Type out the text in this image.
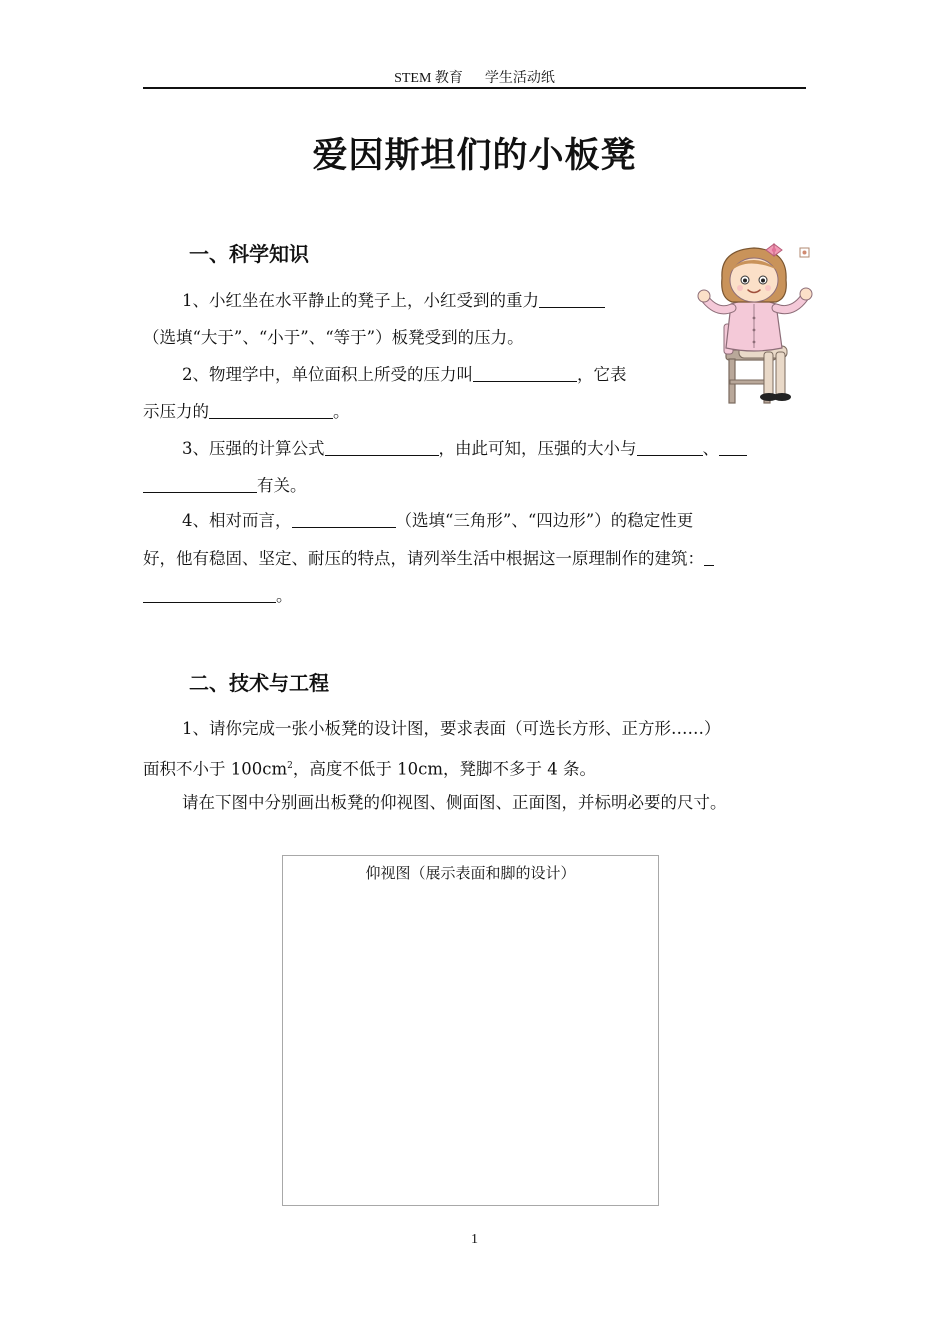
STEM 教育 学生活动纸
爱因斯坦们的小板凳
一、科学知识
1、小红坐在水平静止的凳子上，小红受到的重力
（选填“大于”、“小于”、“等于”）板凳受到的压力。
2、物理学中，单位面积上所受的压力叫	，它表
示压力的	。
3、压强的计算公式	，由此可知，压强的大小与	、
有关。
4、相对而言，	（选填“三角形”、“四边形”）的稳定性更
好，他有稳固、坚定、耐压的特点，请列举生活中根据这一原理制作的建筑：
。
二、技术与工程
1、请你完成一张小板凳的设计图，要求表面（可选长方形、正方形……）
面积不小于 $100cm^2$，高度不低于 10cm，凳脚不多于 4 条。
请在下图中分别画出板凳的仰视图、侧面图、正面图，并标明必要的尺寸。
仰视图（展示表面和脚的设计）
1
